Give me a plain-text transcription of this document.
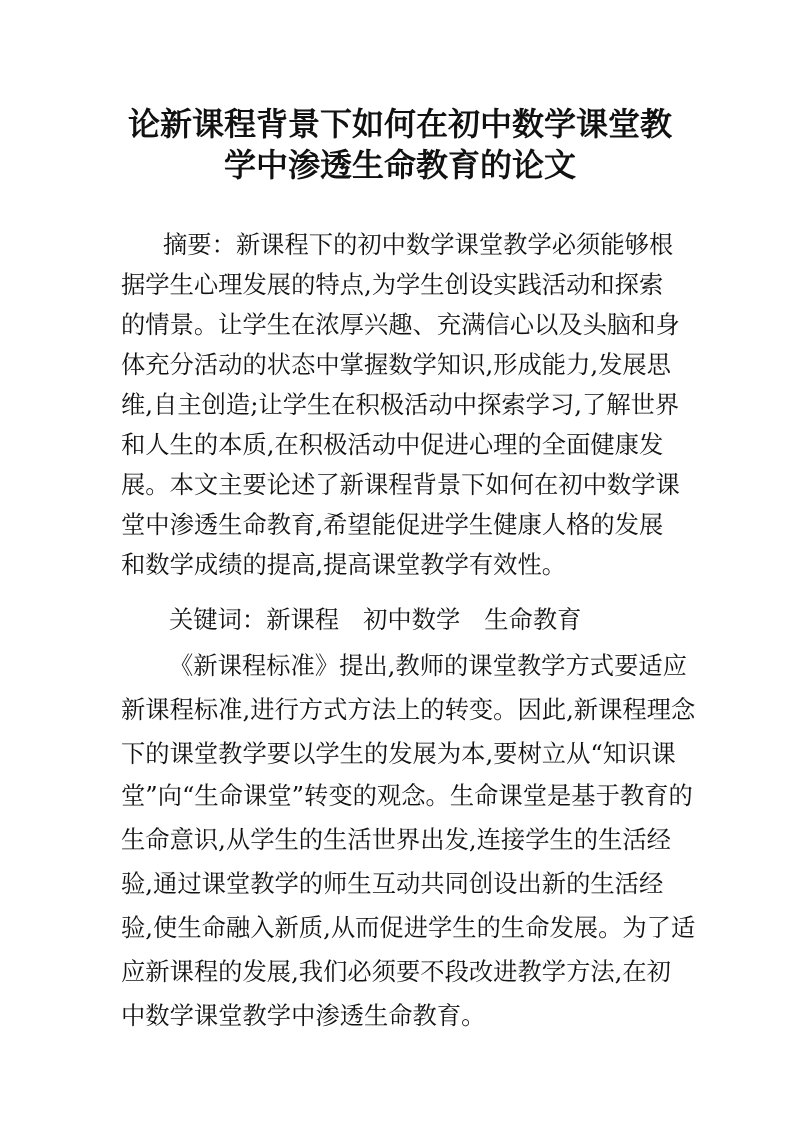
论新课程背景下如何在初中数学课堂教
学中渗透生命教育的论文
摘要：新课程下的初中数学课堂教学必须能够根
据学生心理发展的特点,为学生创设实践活动和探索
的情景。让学生在浓厚兴趣、充满信心以及头脑和身
体充分活动的状态中掌握数学知识,形成能力,发展思
维,自主创造;让学生在积极活动中探索学习,了解世界
和人生的本质,在积极活动中促进心理的全面健康发
展。本文主要论述了新课程背景下如何在初中数学课
堂中渗透生命教育,希望能促进学生健康人格的发展
和数学成绩的提高,提高课堂教学有效性。
关键词：新课程 初中数学 生命教育
《新课程标准》提出,教师的课堂教学方式要适应
新课程标准,进行方式方法上的转变。因此,新课程理念
下的课堂教学要以学生的发展为本,要树立从“知识课
堂”向“生命课堂”转变的观念。生命课堂是基于教育的
生命意识,从学生的生活世界出发,连接学生的生活经
验,通过课堂教学的师生互动共同创设出新的生活经
验,使生命融入新质,从而促进学生的生命发展。为了适
应新课程的发展,我们必须要不段改进教学方法,在初
中数学课堂教学中渗透生命教育。
